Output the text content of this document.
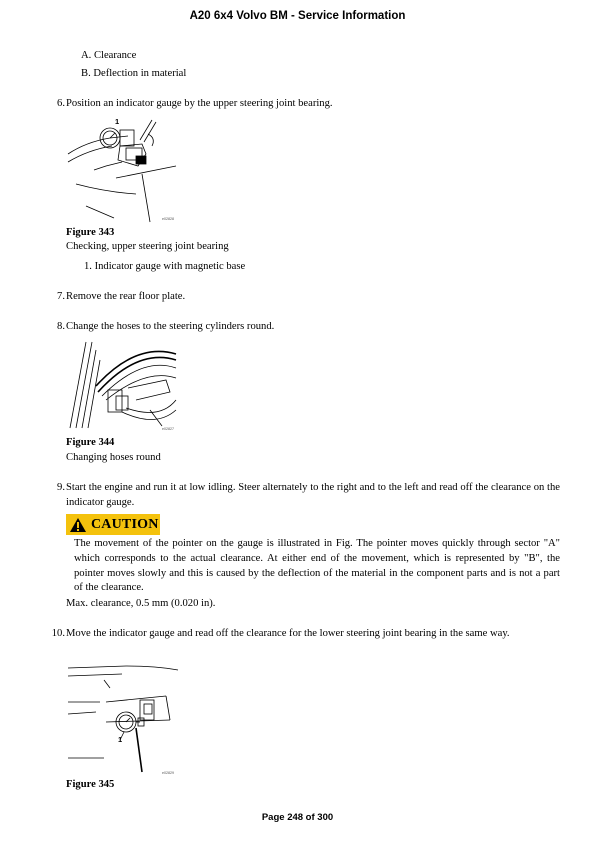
A20 6x4 Volvo BM - Service Information
A. Clearance
B. Deflection in material
6. Position an indicator gauge by the upper steering joint bearing.
1
e02828
Figure 343
Checking, upper steering joint bearing
1. Indicator gauge with magnetic base
7. Remove the rear floor plate.
8. Change the hoses to the steering cylinders round.
e02827
Figure 344
Changing hoses round
9. Start the engine and run it at low idling. Steer alternately to the right and to the left and read off the clearance on the indicator gauge.
CAUTION
The movement of the pointer on the gauge is illustrated in Fig. The pointer moves quickly through sector "A" which corresponds to the actual clearance. At either end of the movement, which is represented by "B", the pointer moves slowly and this is caused by the deflection of the material in the component parts and is not a part of the clearance.
Max. clearance, 0.5 mm (0.020 in).
10. Move the indicator gauge and read off the clearance for the lower steering joint bearing in the same way.
1
e02829
Figure 345
Page 248 of 300
